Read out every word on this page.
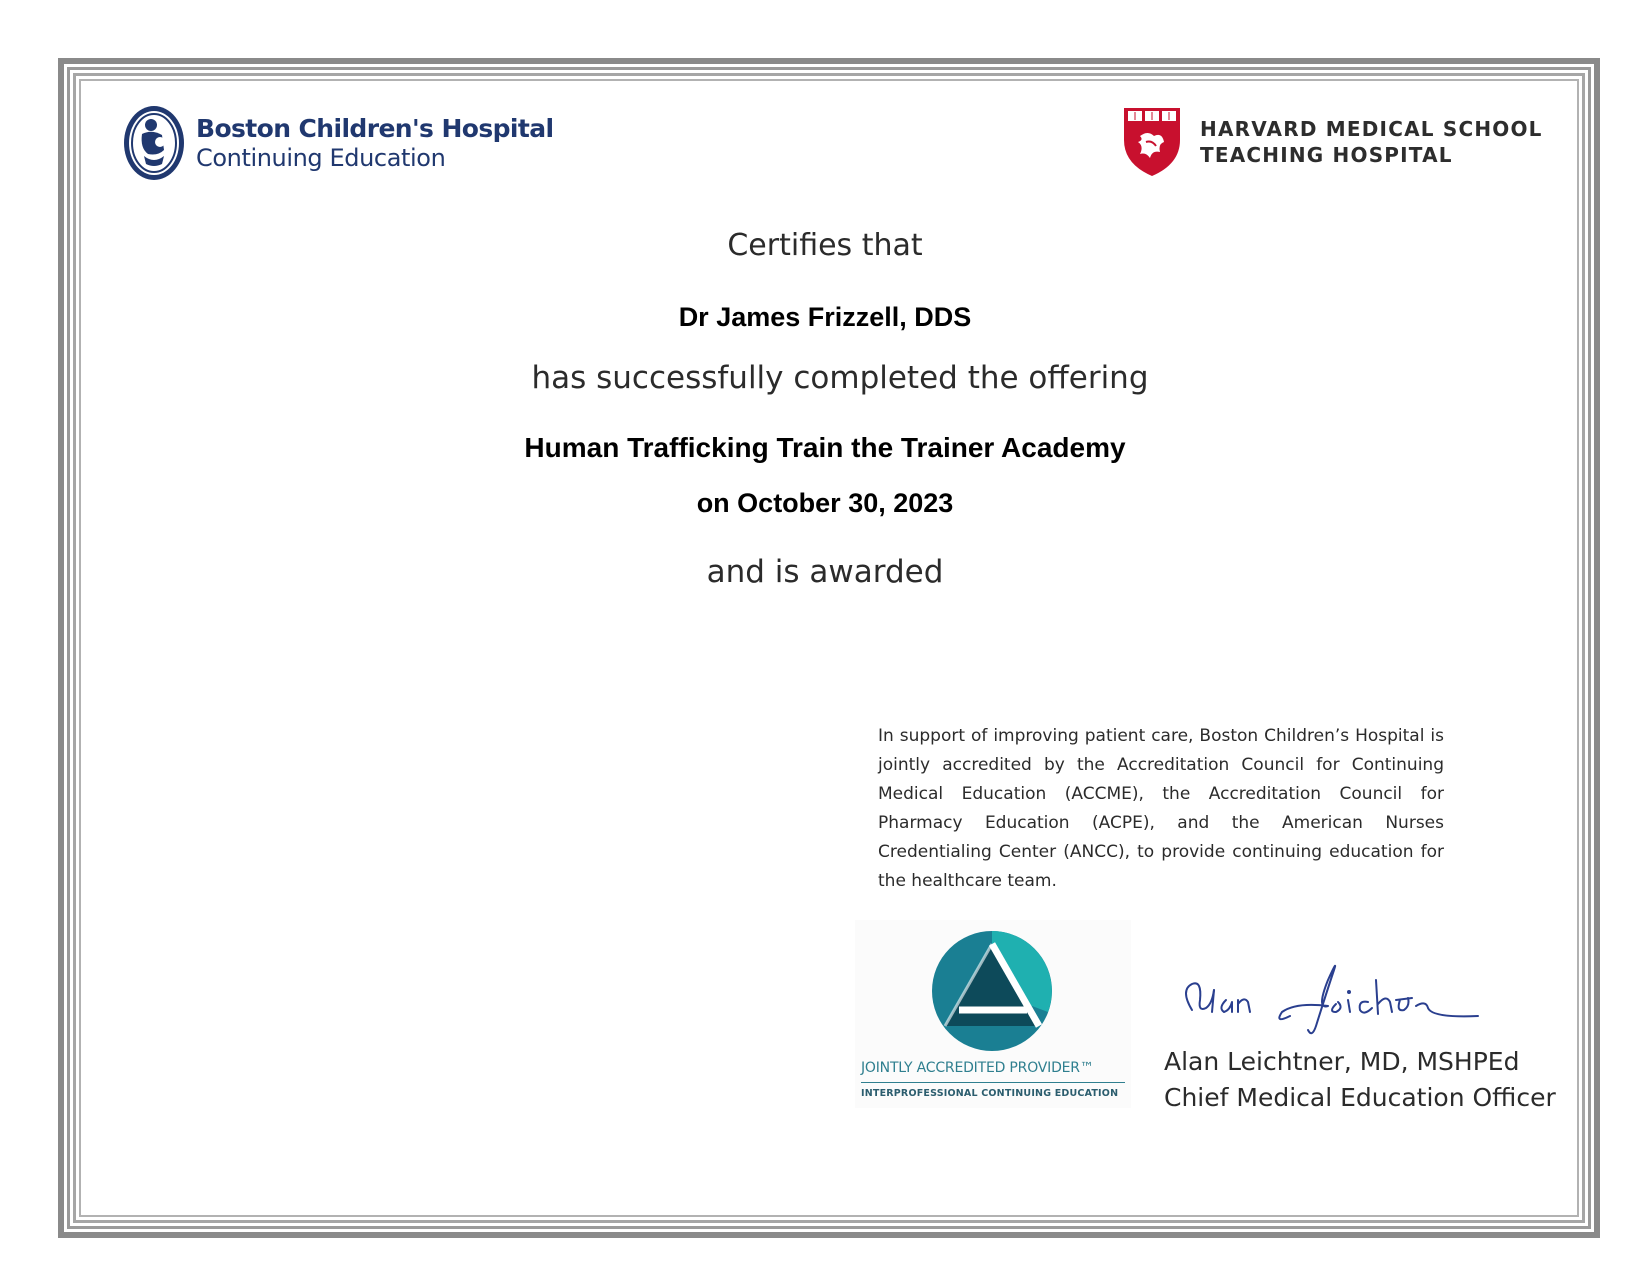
Boston Children's Hospital
Continuing Education
HARVARD MEDICAL SCHOOL
TEACHING HOSPITAL
Certifies that
Dr James Frizzell, DDS
has successfully completed the offering
Human Trafficking Train the Trainer Academy
on October 30, 2023
and is awarded
In support of improving patient care, Boston Children’s Hospital is jointly accredited by the Accreditation Council for Continuing Medical Education (ACCME), the Accreditation Council for Pharmacy Education (ACPE), and the American Nurses Credentialing Center (ANCC), to provide continuing education for the healthcare team.
JOINTLY ACCREDITED PROVIDER™
INTERPROFESSIONAL CONTINUING EDUCATION
Alan Leichtner, MD, MSHPEd
Chief Medical Education Officer
